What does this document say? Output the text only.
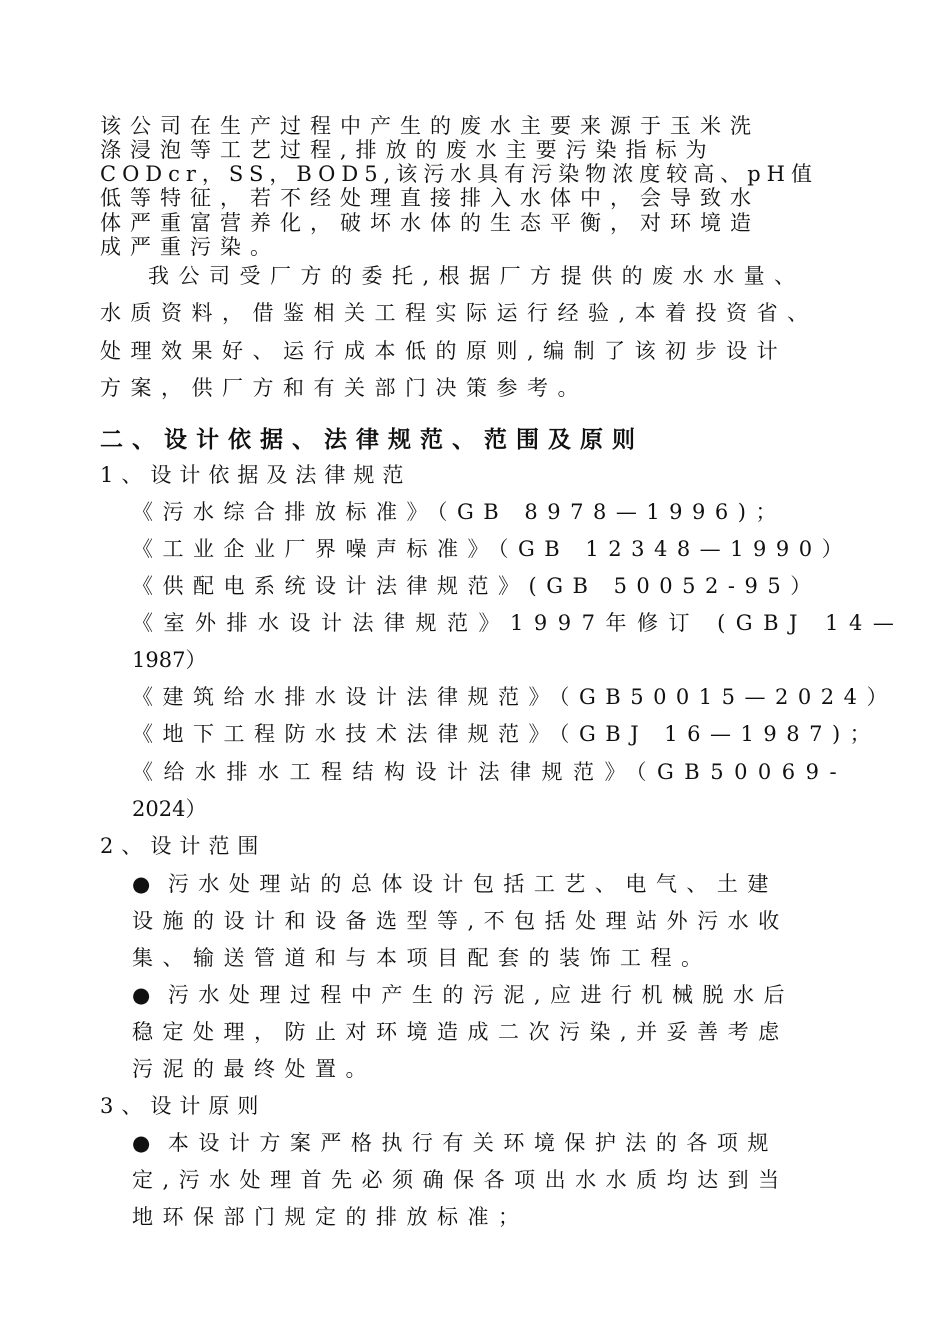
该公司在生产过程中产生的废水主要来源于玉米洗
涤浸泡等工艺过程,排放的废水主要污染指标为
CODcr，SS，BOD5,该污水具有污染物浓度较高、pH值
低等特征，若不经处理直接排入水体中，会导致水
体严重富营养化，破坏水体的生态平衡，对环境造
成严重污染。
我公司受厂方的委托,根据厂方提供的废水水量、
水质资料，借鉴相关工程实际运行经验,本着投资省、
处理效果好、运行成本低的原则,编制了该初步设计
方案，供厂方和有关部门决策参考。
二、设计依据、法律规范、范围及原则
1、设计依据及法律规范
《污水综合排放标准》（GB 8978—1996)；
《工业企业厂界噪声标准》（GB 12348—1990）
《供配电系统设计法律规范》(GB 50052-95）
《室外排水设计法律规范》1997年修订 (GBJ 14—
1987）
《建筑给水排水设计法律规范》（GB50015—2024）
《地下工程防水技术法律规范》（GBJ 16—1987)；
《给水排水工程结构设计法律规范》（GB50069-
2024）
2、设计范围
● 污水处理站的总体设计包括工艺、电气、土建
设施的设计和设备选型等,不包括处理站外污水收
集、输送管道和与本项目配套的装饰工程。
● 污水处理过程中产生的污泥,应进行机械脱水后
稳定处理，防止对环境造成二次污染,并妥善考虑
污泥的最终处置。
3、设计原则
● 本设计方案严格执行有关环境保护法的各项规
定,污水处理首先必须确保各项出水水质均达到当
地环保部门规定的排放标准；
